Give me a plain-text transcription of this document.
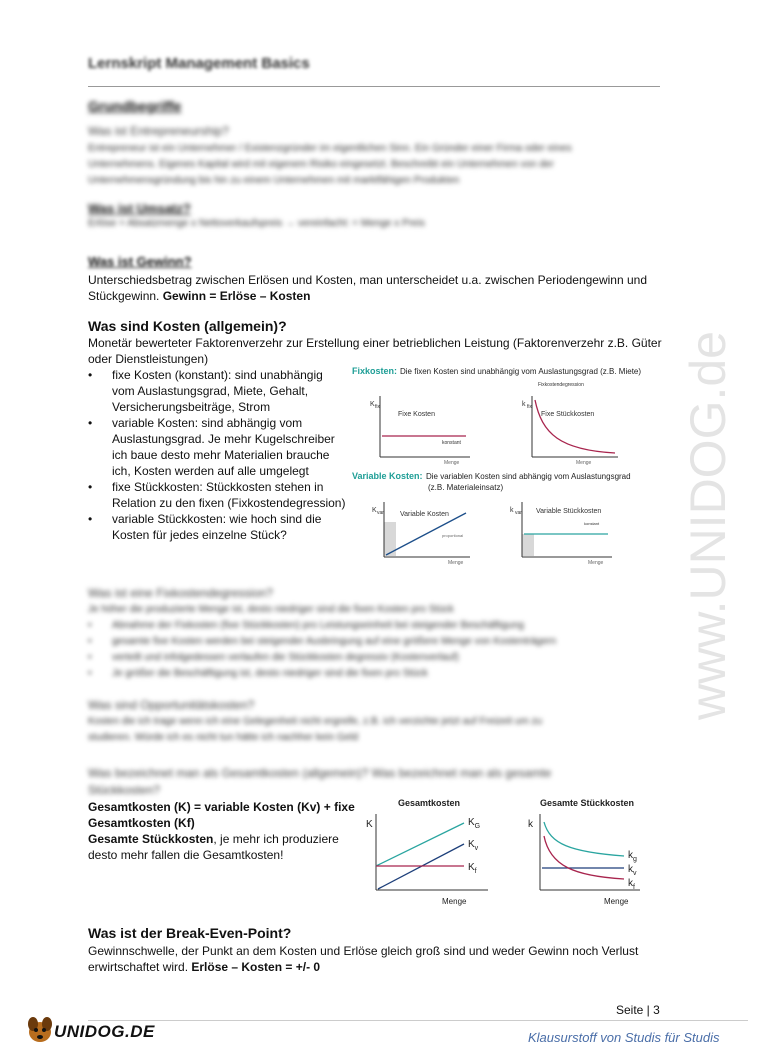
Lernskript Management Basics
Grundbegriffe
Was ist Entrepreneurship?
Entrepreneur ist ein Unternehmer / Existenzgründer im eigentlichen Sinn. Ein Gründer einer Firma oder eines
Unternehmens. Eigenes Kapital wird mit eigenem Risiko eingesetzt. Beschreibt ein Unternehmen von der
Unternehmensgründung bis hin zu einem Unternehmen mit marktfähigen Produkten
Was ist Umsatz?
Erlöse = Absatzmenge x Nettoverkaufspreis → vereinfacht: = Menge x Preis
Was ist Gewinn?
Unterschiedsbetrag zwischen Erlösen und Kosten, man unterscheidet u.a. zwischen Periodengewinn und
Stückgewinn. Gewinn = Erlöse – Kosten
Was sind Kosten (allgemein)?
Monetär bewerteter Faktorenverzehr zur Erstellung einer betrieblichen Leistung (Faktorenverzehr z.B. Güter
oder Dienstleistungen)
• fixe Kosten (konstant): sind unabhängig
vom Auslastungsgrad, Miete, Gehalt,
Versicherungsbeiträge, Strom
• variable Kosten: sind abhängig vom
Auslastungsgrad. Je mehr Kugelschreiber
ich baue desto mehr Materialien brauche
ich, Kosten werden auf alle umgelegt
• fixe Stückkosten: Stückkosten stehen in
Relation zu den fixen (Fixkostendegression)
• variable Stückkosten: wie hoch sind die
Kosten für jedes einzelne Stück?
Fixkosten: Die fixen Kosten sind unabhängig vom Auslastungsgrad (z.B. Miete)
K fix
Fixe Kosten
konstant
Menge
Fixkostendegression
k fix
Fixe Stückkosten
Menge
Variable Kosten: Die variablen Kosten sind abhängig vom Auslastungsgrad
(z.B. Materialeinsatz)
K var Variable Kosten
proportional
Menge
k var Variable Stückkosten
konstant
Menge
Was ist eine Fixkostendegression?
Je höher die produzierte Menge ist, desto niedriger sind die fixen Kosten pro Stück
• Abnahme der Fixkosten (fixe Stückkosten) pro Leistungseinheit bei steigender Beschäftigung
• gesamte fixe Kosten werden bei steigender Ausbringung auf eine größere Menge von Kostenträgern
• verteilt und infolgedessen verlaufen die Stückkosten degressiv (Kostenverlauf)
• Je größer die Beschäftigung ist, desto niedriger sind die fixen pro Stück
Was sind Opportunitätskosten?
Kosten die ich trage wenn ich eine Gelegenheit nicht ergreife, z.B. ich verzichte jetzt auf Freizeit um zu
studieren. Würde ich es nicht tun hätte ich nachher kein Geld
Was bezeichnet man als Gesamtkosten (allgemein)? Was bezeichnet man als gesamte
Stückkosten?
Gesamtkosten (K) = variable Kosten (Kv) + fixe
Gesamtkosten (Kf)
Gesamte Stückkosten, je mehr ich produziere
desto mehr fallen die Gesamtkosten!
Gesamtkosten
K
Menge
$K_G$
$K_v$
$K_f$
Gesamte Stückkosten
k
Menge
$k_g$
$k_v$
$k_f$
Was ist der Break-Even-Point?
Gewinnschwelle, der Punkt an dem Kosten und Erlöse gleich groß sind und weder Gewinn noch Verlust
erwirtschaftet wird. Erlöse – Kosten = +/- 0
www.UNIDOG.de
Seite | 3
UNIDOG.DE	Klausurstoff von Studis für Studis
